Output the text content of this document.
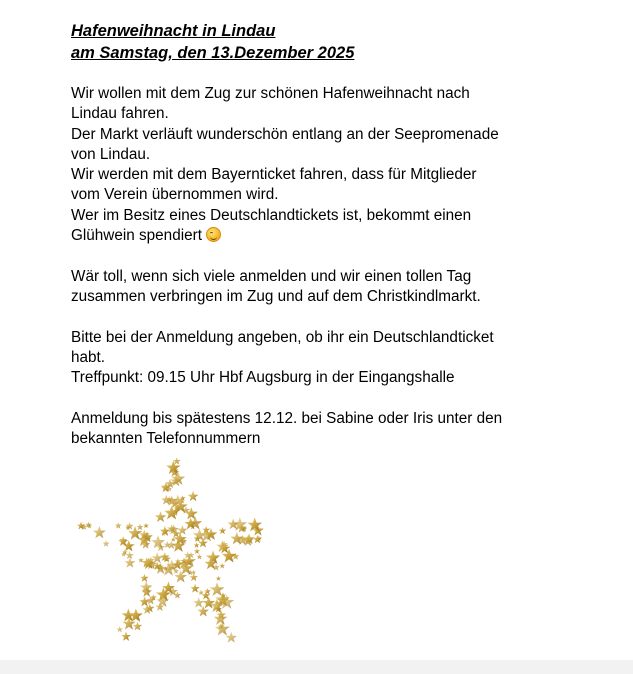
Hafenweihnacht in Lindau
am Samstag, den 13.Dezember 2025

Wir wollen mit dem Zug zur schönen Hafenweihnacht nach
Lindau fahren.
Der Markt verläuft wunderschön entlang an der Seepromenade
von Lindau.
Wir werden mit dem Bayernticket fahren, dass für Mitglieder
vom Verein übernommen wird.
Wer im Besitz eines Deutschlandtickets ist, bekommt einen
Glühwein spendiert

Wär toll, wenn sich viele anmelden und wir einen tollen Tag
zusammen verbringen im Zug und auf dem Christkindlmarkt.

Bitte bei der Anmeldung angeben, ob ihr ein Deutschlandticket
habt.
Treffpunkt: 09.15 Uhr Hbf Augsburg in der Eingangshalle

Anmeldung bis spätestens 12.12. bei Sabine oder Iris unter den
bekannten Telefonnummern
